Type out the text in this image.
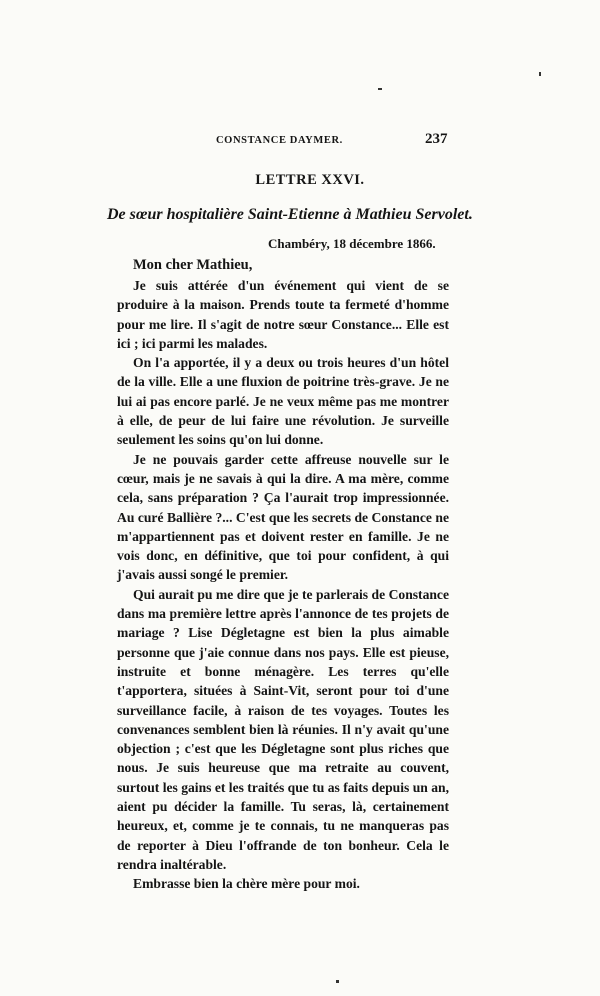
CONSTANCE DAYMER.	237
LETTRE XXVI.
De sœur hospitalière Saint-Etienne à Mathieu Servolet.
Chambéry, 18 décembre 1866.
Mon cher Mathieu,

Je suis attérée d'un événement qui vient de se produire à la maison. Prends toute ta fermeté d'homme pour me lire. Il s'agit de notre sœur Constance... Elle est ici ; ici parmi les malades.

On l'a apportée, il y a deux ou trois heures d'un hôtel de la ville. Elle a une fluxion de poitrine très-grave. Je ne lui ai pas encore parlé. Je ne veux même pas me montrer à elle, de peur de lui faire une révolution. Je surveille seulement les soins qu'on lui donne.

Je ne pouvais garder cette affreuse nouvelle sur le cœur, mais je ne savais à qui la dire. A ma mère, comme cela, sans préparation ? Ça l'aurait trop impressionnée. Au curé Ballière ?... C'est que les secrets de Constance ne m'appartiennent pas et doivent rester en famille. Je ne vois donc, en définitive, que toi pour confident, à qui j'avais aussi songé le premier.

Qui aurait pu me dire que je te parlerais de Constance dans ma première lettre après l'annonce de tes projets de mariage ? Lise Dégletagne est bien la plus aimable personne que j'aie connue dans nos pays. Elle est pieuse, instruite et bonne ménagère. Les terres qu'elle t'apportera, situées à Saint-Vit, seront pour toi d'une surveillance facile, à raison de tes voyages. Toutes les convenances semblent bien là réunies. Il n'y avait qu'une objection ; c'est que les Dégletagne sont plus riches que nous. Je suis heureuse que ma retraite au couvent, surtout les gains et les traités que tu as faits depuis un an, aient pu décider la famille. Tu seras, là, certainement heureux, et, comme je te connais, tu ne manqueras pas de reporter à Dieu l'offrande de ton bonheur. Cela le rendra inaltérable.

Embrasse bien la chère mère pour moi.
